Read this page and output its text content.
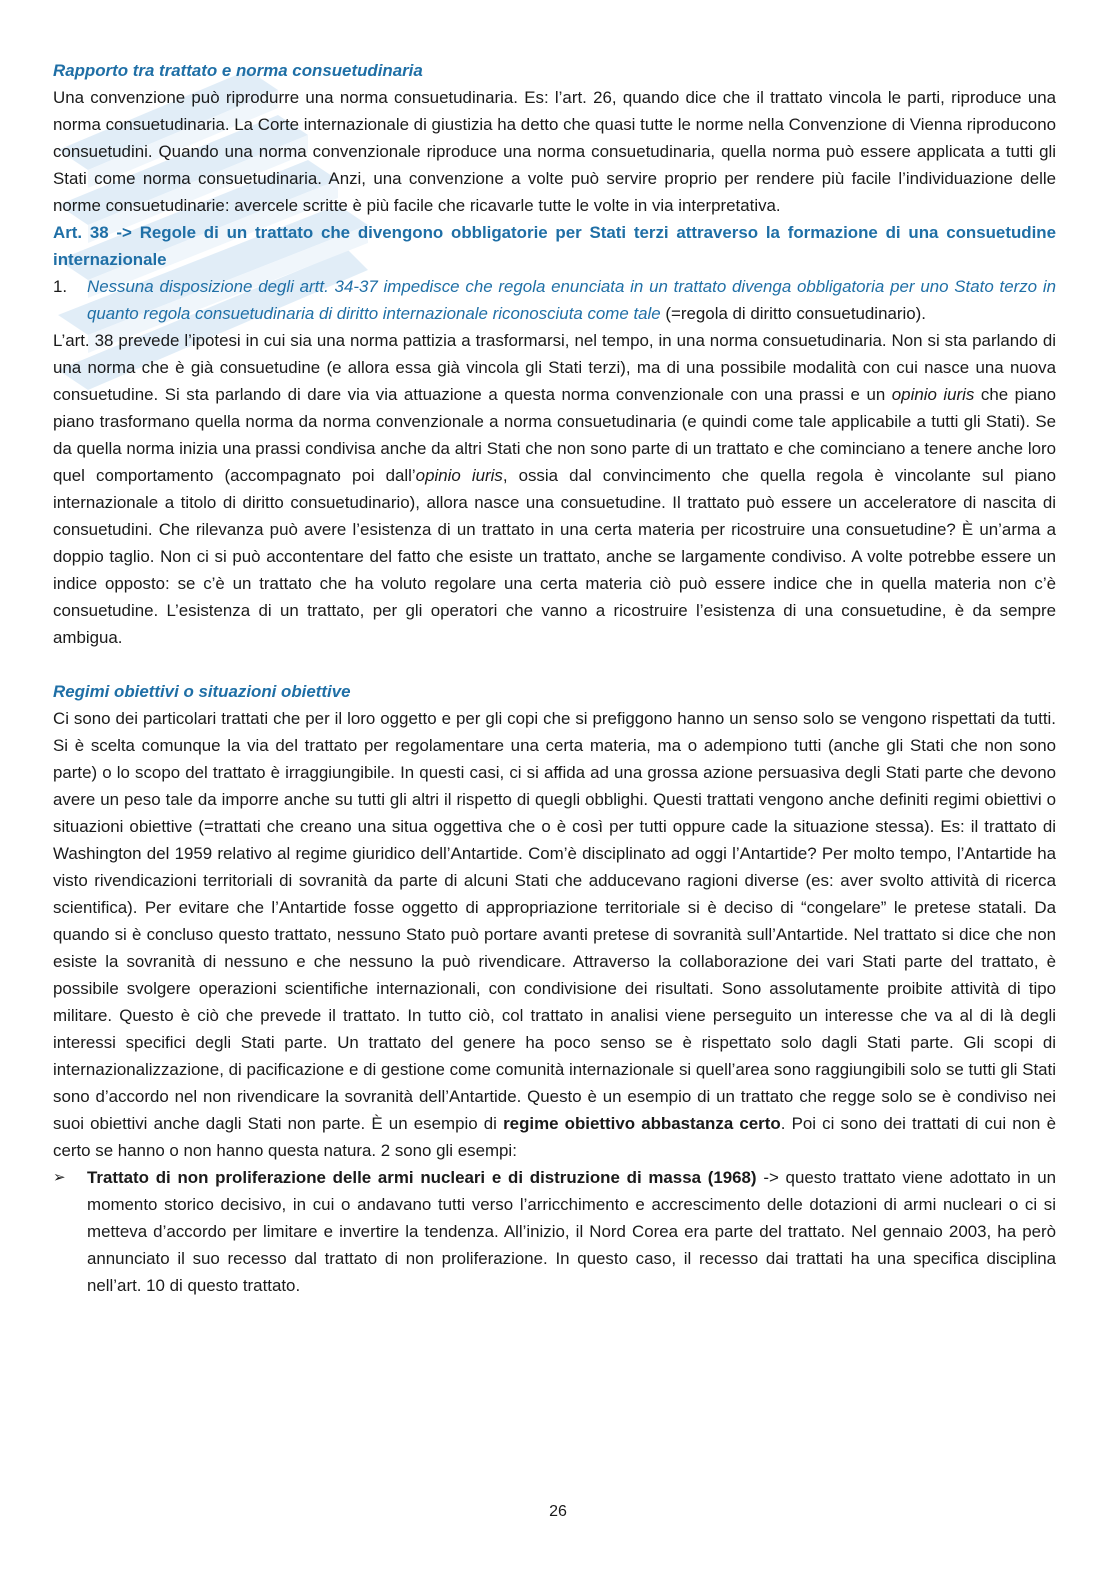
Rapporto tra trattato e norma consuetudinaria

Una convenzione può riprodurre una norma consuetudinaria. Es: l’art. 26, quando dice che il trattato vincola le parti, riproduce una norma consuetudinaria. La Corte internazionale di giustizia ha detto che quasi tutte le norme nella Convenzione di Vienna riproducono consuetudini. Quando una norma convenzionale riproduce una norma consuetudinaria, quella norma può essere applicata a tutti gli Stati come norma consuetudinaria. Anzi, una convenzione a volte può servire proprio per rendere più facile l’individuazione delle norme consuetudinarie: avercele scritte è più facile che ricavarle tutte le volte in via interpretativa.

Art. 38 -> Regole di un trattato che divengono obbligatorie per Stati terzi attraverso la formazione di una consuetudine internazionale

1.	Nessuna disposizione degli artt. 34-37 impedisce che regola enunciata in un trattato divenga obbligatoria per uno Stato terzo in quanto regola consuetudinaria di diritto internazionale riconosciuta come tale (=regola di diritto consuetudinario).

L’art. 38 prevede l’ipotesi in cui sia una norma pattizia a trasformarsi, nel tempo, in una norma consuetudinaria. Non si sta parlando di una norma che è già consuetudine (e allora essa già vincola gli Stati terzi), ma di una possibile modalità con cui nasce una nuova consuetudine. Si sta parlando di dare via via attuazione a questa norma convenzionale con una prassi e un opinio iuris che piano piano trasformano quella norma da norma convenzionale a norma consuetudinaria (e quindi come tale applicabile a tutti gli Stati). Se da quella norma inizia una prassi condivisa anche da altri Stati che non sono parte di un trattato e che cominciano a tenere anche loro quel comportamento (accompagnato poi dall’opinio iuris, ossia dal convincimento che quella regola è vincolante sul piano internazionale a titolo di diritto consuetudinario), allora nasce una consuetudine. Il trattato può essere un acceleratore di nascita di consuetudini. Che rilevanza può avere l’esistenza di un trattato in una certa materia per ricostruire una consuetudine? È un’arma a doppio taglio. Non ci si può accontentare del fatto che esiste un trattato, anche se largamente condiviso. A volte potrebbe essere un indice opposto: se c’è un trattato che ha voluto regolare una certa materia ciò può essere indice che in quella materia non c’è consuetudine. L’esistenza di un trattato, per gli operatori che vanno a ricostruire l’esistenza di una consuetudine, è da sempre ambigua.

Regimi obiettivi o situazioni obiettive

Ci sono dei particolari trattati che per il loro oggetto e per gli copi che si prefiggono hanno un senso solo se vengono rispettati da tutti. Si è scelta comunque la via del trattato per regolamentare una certa materia, ma o adempiono tutti (anche gli Stati che non sono parte) o lo scopo del trattato è irraggiungibile. In questi casi, ci si affida ad una grossa azione persuasiva degli Stati parte che devono avere un peso tale da imporre anche su tutti gli altri il rispetto di quegli obblighi. Questi trattati vengono anche definiti regimi obiettivi o situazioni obiettive (=trattati che creano una situa oggettiva che o è così per tutti oppure cade la situazione stessa). Es: il trattato di Washington del 1959 relativo al regime giuridico dell’Antartide. Com’è disciplinato ad oggi l’Antartide? Per molto tempo, l’Antartide ha visto rivendicazioni territoriali di sovranità da parte di alcuni Stati che adducevano ragioni diverse (es: aver svolto attività di ricerca scientifica). Per evitare che l’Antartide fosse oggetto di appropriazione territoriale si è deciso di “congelare” le pretese statali. Da quando si è concluso questo trattato, nessuno Stato può portare avanti pretese di sovranità sull’Antartide. Nel trattato si dice che non esiste la sovranità di nessuno e che nessuno la può rivendicare. Attraverso la collaborazione dei vari Stati parte del trattato, è possibile svolgere operazioni scientifiche internazionali, con condivisione dei risultati. Sono assolutamente proibite attività di tipo militare. Questo è ciò che prevede il trattato. In tutto ciò, col trattato in analisi viene perseguito un interesse che va al di là degli interessi specifici degli Stati parte. Un trattato del genere ha poco senso se è rispettato solo dagli Stati parte. Gli scopi di internazionalizzazione, di pacificazione e di gestione come comunità internazionale si quell’area sono raggiungibili solo se tutti gli Stati sono d’accordo nel non rivendicare la sovranità dell’Antartide. Questo è un esempio di un trattato che regge solo se è condiviso nei suoi obiettivi anche dagli Stati non parte. È un esempio di regime obiettivo abbastanza certo. Poi ci sono dei trattati di cui non è certo se hanno o non hanno questa natura. 2 sono gli esempi:

➢	Trattato di non proliferazione delle armi nucleari e di distruzione di massa (1968) -> questo trattato viene adottato in un momento storico decisivo, in cui o andavano tutti verso l’arricchimento e accrescimento delle dotazioni di armi nucleari o ci si metteva d’accordo per limitare e invertire la tendenza. All’inizio, il Nord Corea era parte del trattato. Nel gennaio 2003, ha però annunciato il suo recesso dal trattato di non proliferazione. In questo caso, il recesso dai trattati ha una specifica disciplina nell’art. 10 di questo trattato.
26
